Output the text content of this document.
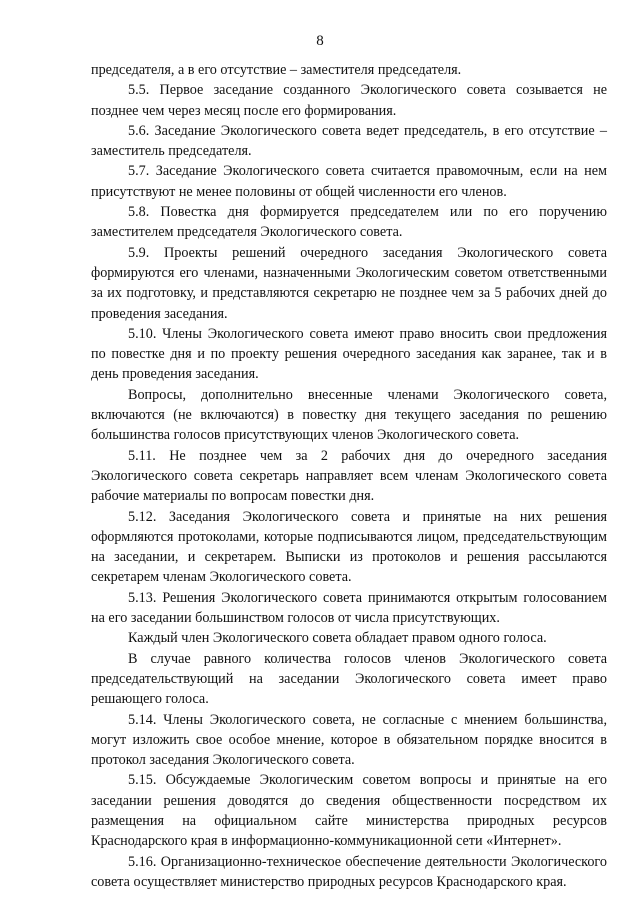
8

председателя, а в его отсутствие – заместителя председателя.

5.5. Первое заседание созданного Экологического совета созывается не позднее чем через месяц после его формирования.

5.6. Заседание Экологического совета ведет председатель, в его отсутствие – заместитель председателя.

5.7. Заседание Экологического совета считается правомочным, если на нем присутствуют не менее половины от общей численности его членов.

5.8. Повестка дня формируется председателем или по его поручению заместителем председателя Экологического совета.

5.9. Проекты решений очередного заседания Экологического совета формируются его членами, назначенными Экологическим советом ответственными за их подготовку, и представляются секретарю не позднее чем за 5 рабочих дней до проведения заседания.

5.10. Члены Экологического совета имеют право вносить свои предложения по повестке дня и по проекту решения очередного заседания как заранее, так и в день проведения заседания.

Вопросы, дополнительно внесенные членами Экологического совета, включаются (не включаются) в повестку дня текущего заседания по решению большинства голосов присутствующих членов Экологического совета.

5.11. Не позднее чем за 2 рабочих дня до очередного заседания Экологического совета секретарь направляет всем членам Экологического совета рабочие материалы по вопросам повестки дня.

5.12. Заседания Экологического совета и принятые на них решения оформляются протоколами, которые подписываются лицом, председательствующим на заседании, и секретарем. Выписки из протоколов и решения рассылаются секретарем членам Экологического совета.

5.13. Решения Экологического совета принимаются открытым голосованием на его заседании большинством голосов от числа присутствующих.

Каждый член Экологического совета обладает правом одного голоса.

В случае равного количества голосов членов Экологического совета председательствующий на заседании Экологического совета имеет право решающего голоса.

5.14. Члены Экологического совета, не согласные с мнением большинства, могут изложить свое особое мнение, которое в обязательном порядке вносится в протокол заседания Экологического совета.

5.15. Обсуждаемые Экологическим советом вопросы и принятые на его заседании решения доводятся до сведения общественности посредством их размещения на официальном сайте министерства природных ресурсов Краснодарского края в информационно-коммуникационной сети «Интернет».

5.16. Организационно-техническое обеспечение деятельности Экологического совета осуществляет министерство природных ресурсов Краснодарского края.
